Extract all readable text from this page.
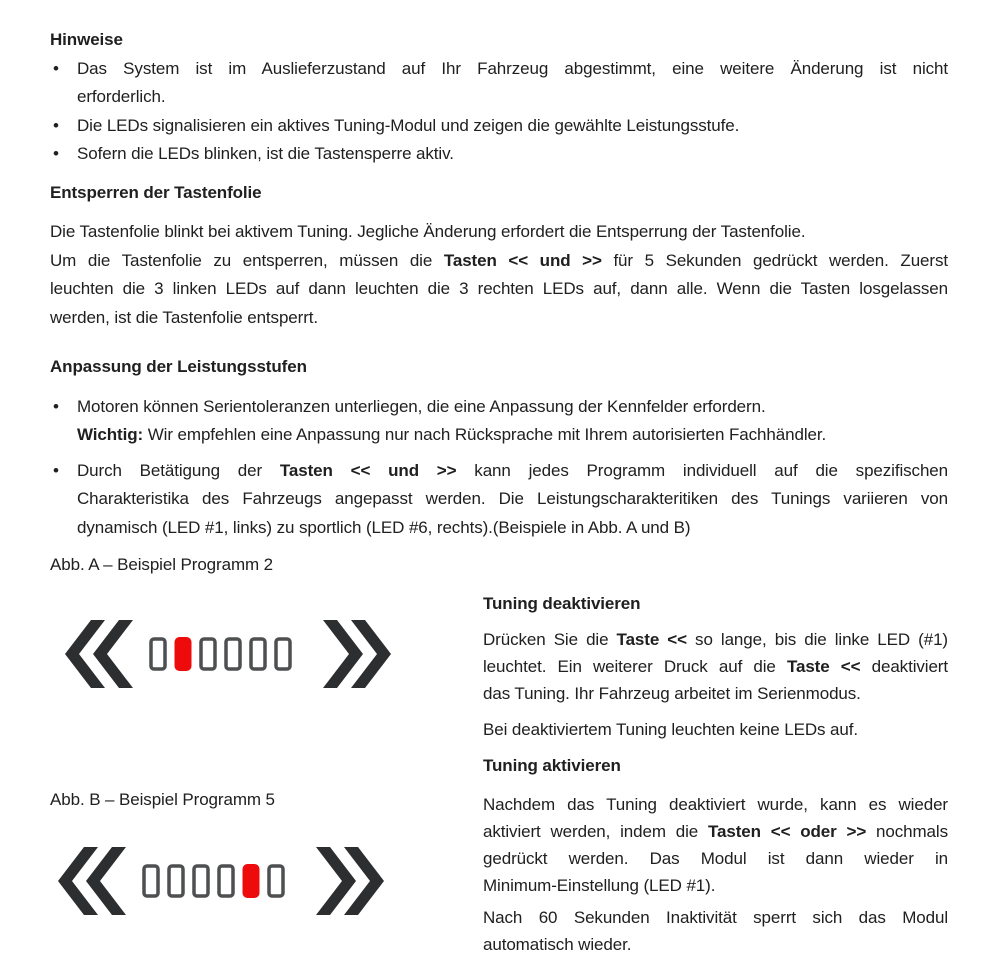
Hinweise
•	Das System ist im Auslieferzustand auf Ihr Fahrzeug abgestimmt, eine weitere Änderung ist nicht
erforderlich.
•	Die LEDs signalisieren ein aktives Tuning-Modul und zeigen die gewählte Leistungsstufe.
•	Sofern die LEDs blinken, ist die Tastensperre aktiv.
Entsperren der Tastenfolie
Die Tastenfolie blinkt bei aktivem Tuning. Jegliche Änderung erfordert die Entsperrung der Tastenfolie.
Um die Tastenfolie zu entsperren, müssen die Tasten << und >> für 5 Sekunden gedrückt werden. Zuerst
leuchten die 3 linken LEDs auf dann leuchten die 3 rechten LEDs auf, dann alle. Wenn die Tasten losgelassen
werden, ist die Tastenfolie entsperrt.
Anpassung der Leistungsstufen
•	Motoren können Serientoleranzen unterliegen, die eine Anpassung der Kennfelder erfordern.
Wichtig: Wir empfehlen eine Anpassung nur nach Rücksprache mit Ihrem autorisierten Fachhändler.
•	Durch Betätigung der Tasten << und >> kann jedes Programm individuell auf die spezifischen
Charakteristika des Fahrzeugs angepasst werden. Die Leistungscharakteritiken des Tunings variieren von
dynamisch (LED #1, links) zu sportlich (LED #6, rechts).(Beispiele in Abb. A und B)
Abb. A – Beispiel Programm 2
Abb. B – Beispiel Programm 5
Tuning deaktivieren
Drücken Sie die Taste << so lange, bis die linke LED (#1)
leuchtet. Ein weiterer Druck auf die Taste << deaktiviert
das Tuning. Ihr Fahrzeug arbeitet im Serienmodus.
Bei deaktiviertem Tuning leuchten keine LEDs auf.
Tuning aktivieren
Nachdem das Tuning deaktiviert wurde, kann es wieder
aktiviert werden, indem die Tasten << oder >> nochmals
gedrückt werden. Das Modul ist dann wieder in
Minimum-Einstellung (LED #1).
Nach 60 Sekunden Inaktivität sperrt sich das Modul
automatisch wieder.
